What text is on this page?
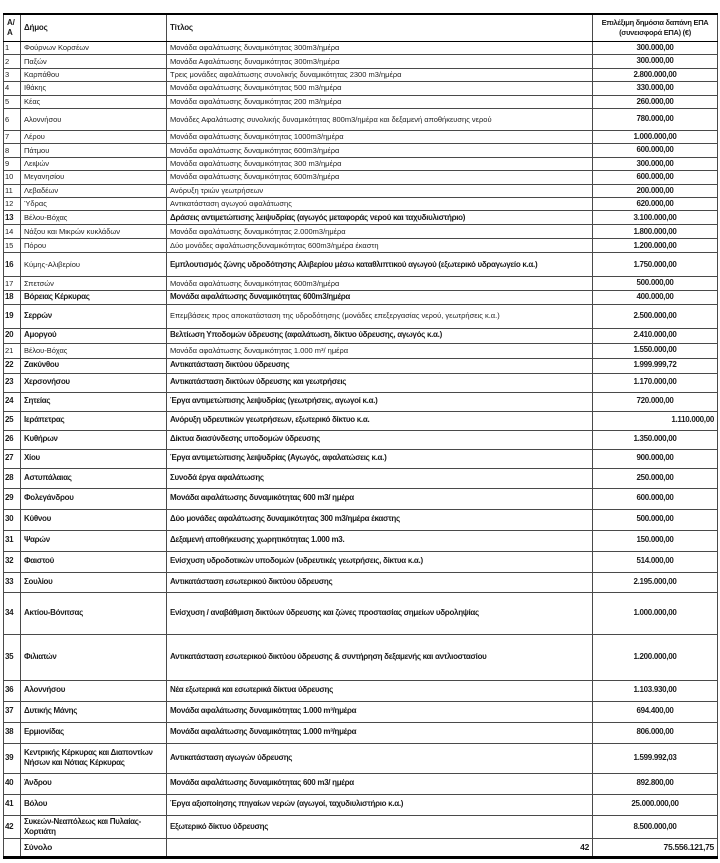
Α/Α	Δήμος	Τίτλος	Επιλέξιμη δημόσια δαπάνη ΕΠΑ (συνεισφορά ΕΠΑ) (€)
1	Φούρνων Κορσέων	Μονάδα αφαλάτωσης δυναμικότητας 300m3/ημέρα	300.000,00
2	Παξών	Μονάδα Αφαλάτωσης δυναμικότητας 300m3/ημέρα	300.000,00
3	Καρπάθου	Τρεις μονάδες αφαλάτωσης συνολικής δυναμικότητας 2300 m3/ημέρα	2.800.000,00
4	Ιθάκης	Μονάδα αφαλάτωσης δυναμικότητας 500 m3/ημέρα	330.000,00
5	Κέας	Μονάδα αφαλάτωσης δυναμικότητας 200 m3/ημέρα	260.000,00
6	Αλοννήσου	Μονάδες Αφαλάτωσης συνολικής δυναμικότητας 800m3/ημέρα και δεξαμενή αποθήκευσης νερού	780.000,00
7	Λέρου	Μονάδα αφαλάτωσης δυναμικότητας 1000m3/ημέρα	1.000.000,00
8	Πάτμου	Μονάδα αφαλάτωσης δυναμικότητας 600m3/ημέρα	600.000,00
9	Λειψών	Μονάδα αφαλάτωσης δυναμικότητας 300 m3/ημέρα	300.000,00
10	Μεγανησίου	Μονάδα αφαλάτωσης δυναμικότητας 600m3/ημέρα	600.000,00
11	Λεβαδέων	Ανόρυξη τριών γεωτρήσεων	200.000,00
12	Ύδρας	Αντικατάσταση αγωγού αφαλάτωσης	620.000,00
13	Βέλου-Βόχας	Δράσεις αντιμετώπισης λειψυδρίας (αγωγός μεταφοράς νερού και ταχυδιυλιστήριο)	3.100.000,00
14	Νάξου και Μικρών κυκλάδων	Μονάδα αφαλάτωσης δυναμικότητας 2.000m3/ημέρα	1.800.000,00
15	Πόρου	Δύο μονάδες αφαλάτωσηςδυναμικότητας 600m3/ημέρα έκαστη	1.200.000,00
16	Κύμης-Αλιβερίου	Εμπλουτισμός ζώνης υδροδότησης Αλιβερίου μέσω καταθλιπτικού αγωγού (εξωτερικό υδραγωγείο κ.α.)	1.750.000,00
17	Σπετσών	Μονάδα αφαλάτωσης δυναμικότητας 600m3/ημέρα	500.000,00
18	Βόρειας Κέρκυρας	Μονάδα αφαλάτωσης δυναμικότητας 600m3/ημέρα	400.000,00
19	Σερρών	Επεμβάσεις προς αποκατάσταση της υδροδότησης (μονάδες επεξεργασίας νερού, γεωτρήσεις κ.α.)	2.500.000,00
20	Αμοργού	Βελτίωση Υποδομών ύδρευσης (αφαλάτωση, δίκτυο ύδρευσης, αγωγός κ.α.)	2.410.000,00
21	Βέλου-Βόχας	Μονάδα αφαλάτωσης δυναμικότητας 1.000 m³/ ημέρα	1.550.000,00
22	Ζακύνθου	Αντικατάσταση δικτύου ύδρευσης	1.999.999,72
23	Χερσονήσου	Αντικατάσταση δικτύων ύδρευσης και γεωτρήσεις	1.170.000,00
24	Σητείας	Έργα αντιμετώπισης λειψυδρίας (γεωτρήσεις, αγωγοί κ.α.)	720.000,00
25	Ιεράπετρας	Ανόρυξη υδρευτικών γεωτρήσεων, εξωτερικό δίκτυο κ.α.	1.110.000,00
26	Κυθήρων	Δίκτυα διασύνδεσης υποδομών ύδρευσης	1.350.000,00
27	Χίου	Έργα αντιμετώπισης λειψυδρίας (Αγωγός, αφαλατώσεις κ.α.)	900.000,00
28	Αστυπάλαιας	Συνοδά έργα αφαλάτωσης	250.000,00
29	Φολεγάνδρου	Μονάδα αφαλάτωσης δυναμικότητας 600 m3/ ημέρα	600.000,00
30	Κύθνου	Δύο μονάδες αφαλάτωσης δυναμικότητας 300 m3/ημέρα έκαστης	500.000,00
31	Ψαρών	Δεξαμενή αποθήκευσης χωρητικότητας 1.000 m3.	150.000,00
32	Φαιστού	Ενίσχυση υδροδοτικών υποδομών (υδρευτικές γεωτρήσεις, δίκτυα κ.α.)	514.000,00
33	Σουλίου	Αντικατάσταση εσωτερικού δικτύου ύδρευσης	2.195.000,00
34	Ακτίου-Βόνιτσας	Ενίσχυση / αναβάθμιση δικτύων ύδρευσης και ζώνες προστασίας σημείων υδροληψίας	1.000.000,00
35	Φιλιατών	Αντικατάσταση εσωτερικού δικτύου ύδρευσης & συντήρηση δεξαμενής και αντλιοστασίου	1.200.000,00
36	Αλοννήσου	Νέα εξωτερικά και εσωτερικά δίκτυα ύδρευσης	1.103.930,00
37	Δυτικής Μάνης	Μονάδα αφαλάτωσης δυναμικότητας 1.000 m³/ημέρα	694.400,00
38	Ερμιονίδας	Μονάδα αφαλάτωσης δυναμικότητας 1.000 m³/ημέρα	806.000,00
39	Κεντρικής Κέρκυρας και Διαποντίων Νήσων και Νότιας Κέρκυρας	Αντικατάσταση αγωγών ύδρευσης	1.599.992,03
40	Άνδρου	Μονάδα αφαλάτωσης δυναμικότητας 600 m3/ ημέρα	892.800,00
41	Βόλου	Έργα αξιοποίησης πηγαίων νερών (αγωγοί, ταχυδιυλιστήριο κ.α.)	25.000.000,00
42	Συκεών-Νεαπόλεως και Πυλαίας-Χορτιάτη	Εξωτερικό δίκτυο ύδρευσης	8.500.000,00
	Σύνολο	42	75.556.121,75
